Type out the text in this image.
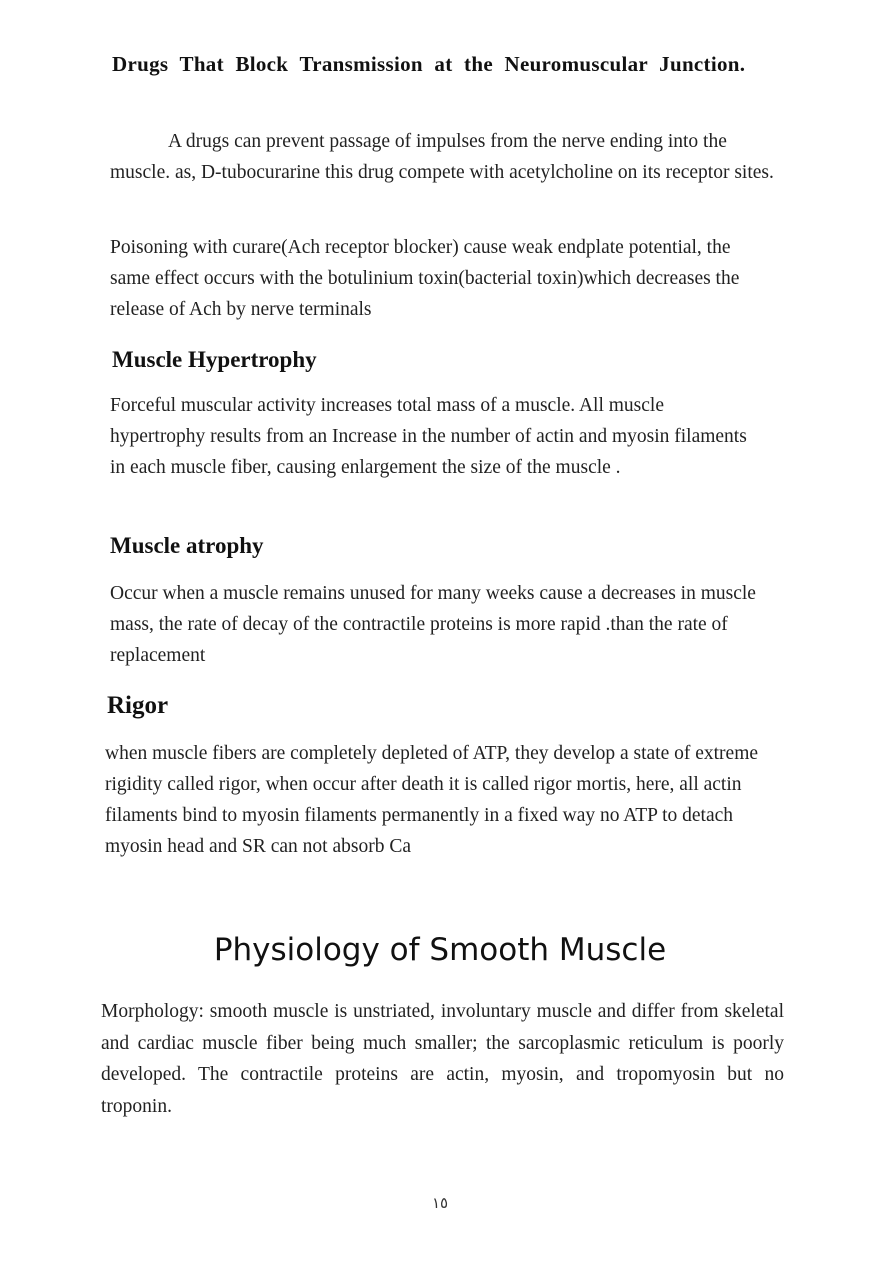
Drugs That Block Transmission at the Neuromuscular Junction.

A drugs can prevent passage of impulses from the nerve ending into the muscle. as, D-tubocurarine this drug compete with acetylcholine on its receptor sites.

Poisoning with curare(Ach receptor blocker) cause weak endplate potential, the same effect occurs with the botulinium toxin(bacterial toxin)which decreases the release of Ach by nerve terminals

Muscle Hypertrophy

Forceful muscular activity increases total mass of a muscle. All muscle hypertrophy results from an Increase in the number of actin and myosin filaments in each muscle fiber, causing enlargement the size of the muscle .

Muscle atrophy

Occur when a muscle remains unused for many weeks cause a decreases in muscle mass, the rate of decay of the contractile proteins is more rapid .than the rate of replacement

Rigor

when muscle fibers are completely depleted of ATP, they develop a state of extreme rigidity called rigor, when occur after death it is called rigor mortis, here, all actin filaments bind to myosin filaments permanently in a fixed way no ATP to detach myosin head and SR can not absorb Ca

Physiology of Smooth Muscle

Morphology: smooth muscle is unstriated, involuntary muscle and differ from skeletal and cardiac muscle fiber being much smaller; the sarcoplasmic reticulum is poorly developed. The contractile proteins are actin, myosin, and tropomyosin but no troponin.

١٥
